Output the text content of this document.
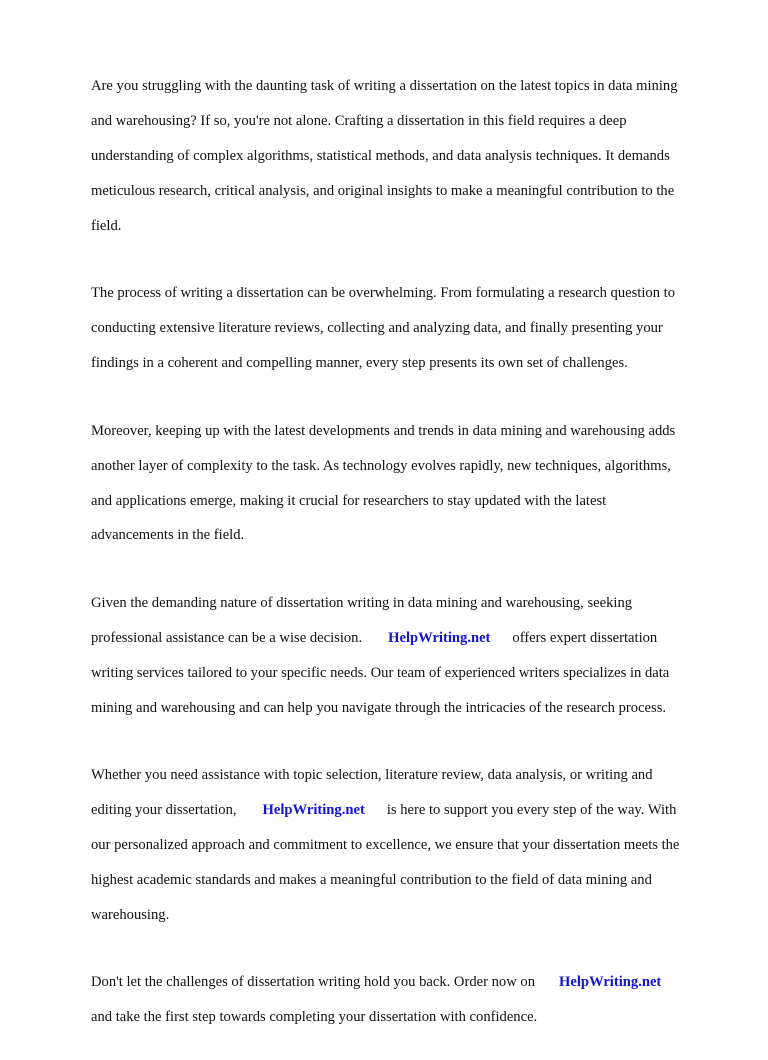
Are you struggling with the daunting task of writing a dissertation on the latest topics in data mining

and warehousing? If so, you're not alone. Crafting a dissertation in this field requires a deep

understanding of complex algorithms, statistical methods, and data analysis techniques. It demands

meticulous research, critical analysis, and original insights to make a meaningful contribution to the

field.

The process of writing a dissertation can be overwhelming. From formulating a research question to

conducting extensive literature reviews, collecting and analyzing data, and finally presenting your

findings in a coherent and compelling manner, every step presents its own set of challenges.

Moreover, keeping up with the latest developments and trends in data mining and warehousing adds

another layer of complexity to the task. As technology evolves rapidly, new techniques, algorithms,

and applications emerge, making it crucial for researchers to stay updated with the latest

advancements in the field.

Given the demanding nature of dissertation writing in data mining and warehousing, seeking

professional assistance can be a wise decision. HelpWriting.net offers expert dissertation

writing services tailored to your specific needs. Our team of experienced writers specializes in data

mining and warehousing and can help you navigate through the intricacies of the research process.

Whether you need assistance with topic selection, literature review, data analysis, or writing and

editing your dissertation, HelpWriting.net is here to support you every step of the way. With

our personalized approach and commitment to excellence, we ensure that your dissertation meets the

highest academic standards and makes a meaningful contribution to the field of data mining and

warehousing.

Don't let the challenges of dissertation writing hold you back. Order now on HelpWriting.net

and take the first step towards completing your dissertation with confidence.
